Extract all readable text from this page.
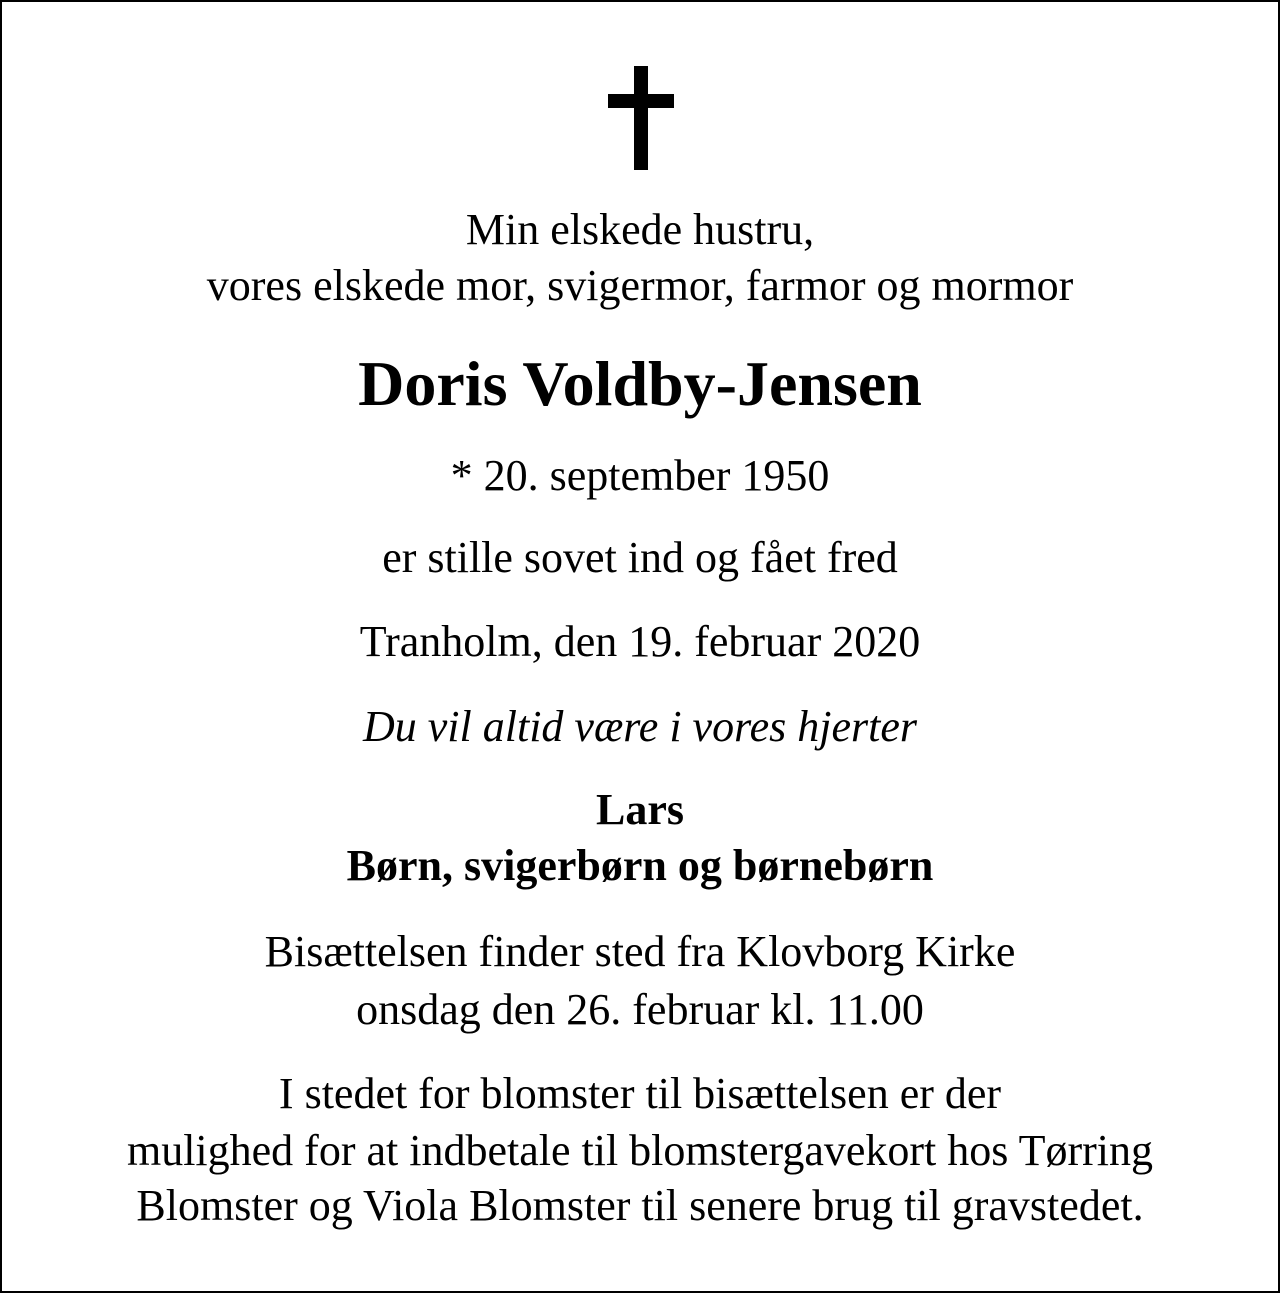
Min elskede hustru,
vores elskede mor, svigermor, farmor og mormor
Doris Voldby-Jensen
* 20. september 1950
er stille sovet ind og fået fred
Tranholm, den 19. februar 2020
Du vil altid være i vores hjerter
Lars
Børn, svigerbørn og børnebørn
Bisættelsen finder sted fra Klovborg Kirke
onsdag den 26. februar kl. 11.00
I stedet for blomster til bisættelsen er der
mulighed for at indbetale til blomstergavekort hos Tørring
Blomster og Viola Blomster til senere brug til gravstedet.
